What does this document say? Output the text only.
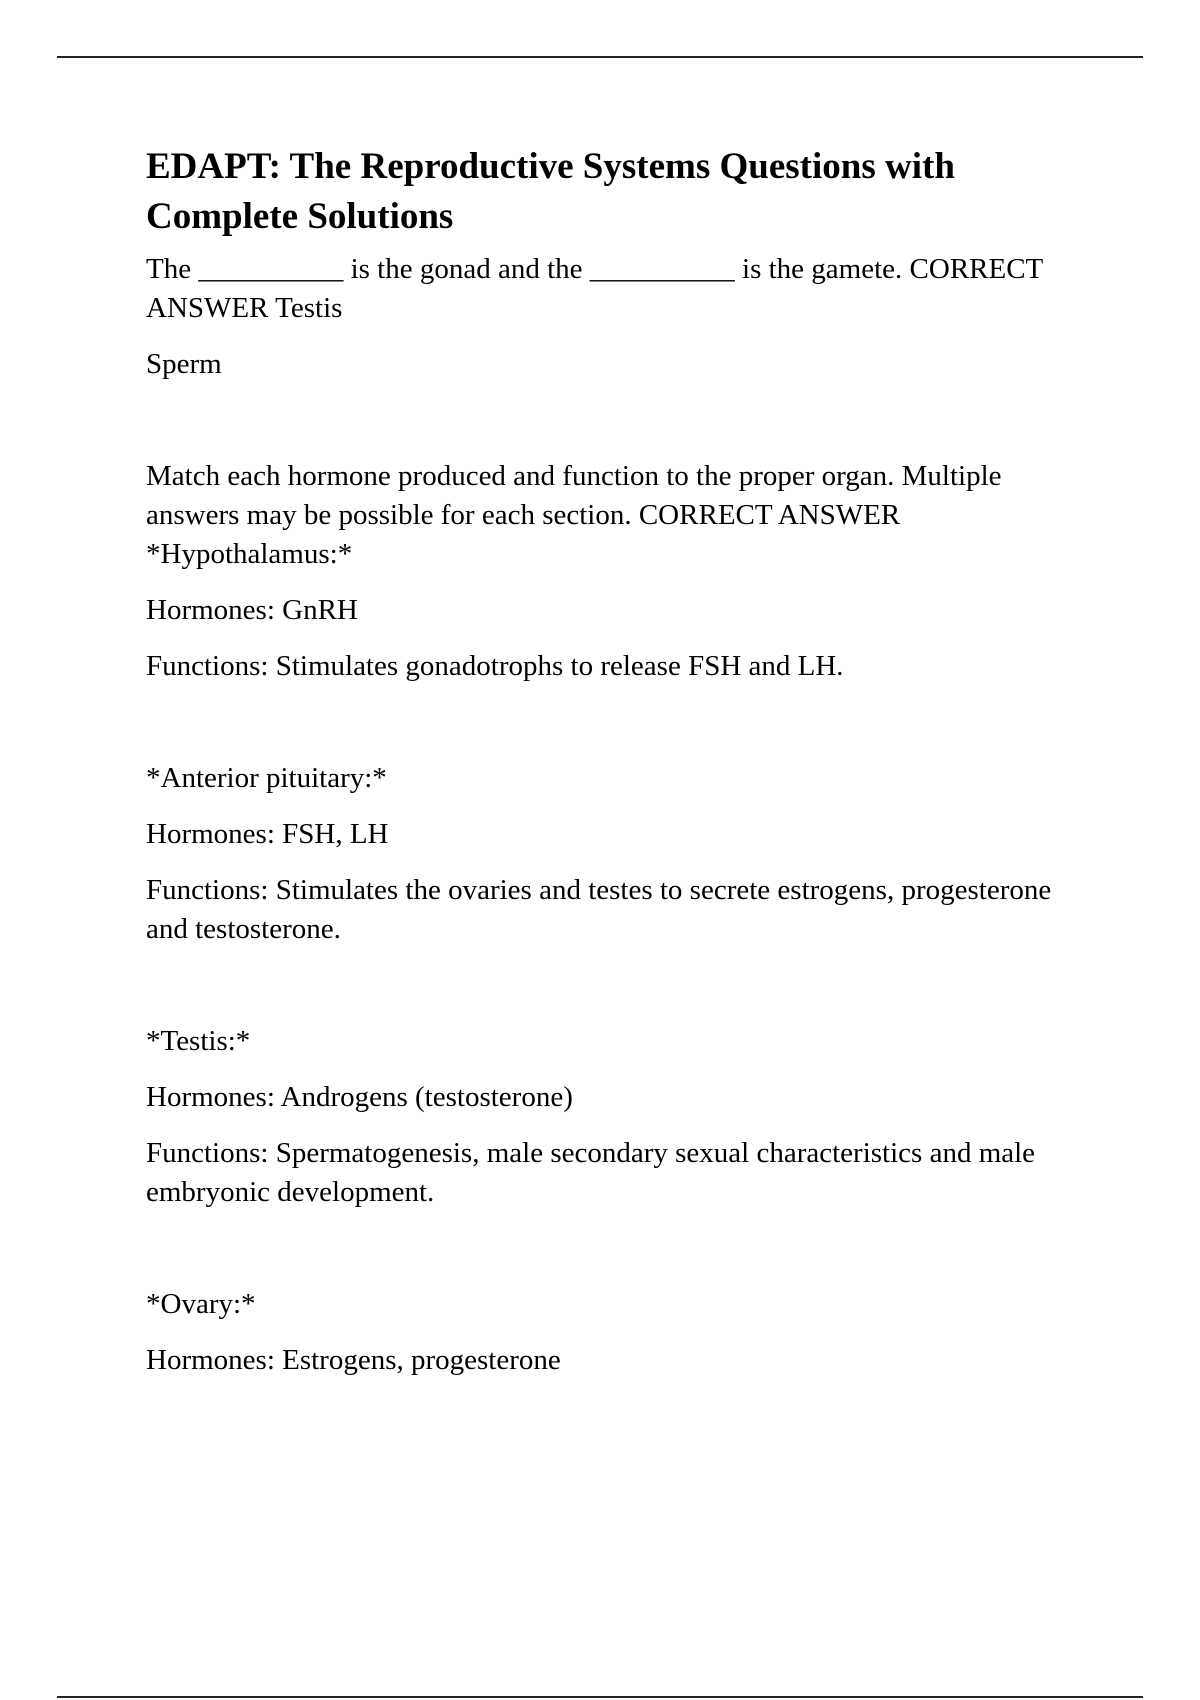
EDAPT: The Reproductive Systems Questions with Complete Solutions

The __________ is the gonad and the __________ is the gamete. CORRECT ANSWER Testis

Sperm

Match each hormone produced and function to the proper organ. Multiple answers may be possible for each section. CORRECT ANSWER *Hypothalamus:*

Hormones: GnRH

Functions: Stimulates gonadotrophs to release FSH and LH.

*Anterior pituitary:*

Hormones: FSH, LH

Functions: Stimulates the ovaries and testes to secrete estrogens, progesterone and testosterone.

*Testis:*

Hormones: Androgens (testosterone)

Functions: Spermatogenesis, male secondary sexual characteristics and male embryonic development.

*Ovary:*

Hormones: Estrogens, progesterone
